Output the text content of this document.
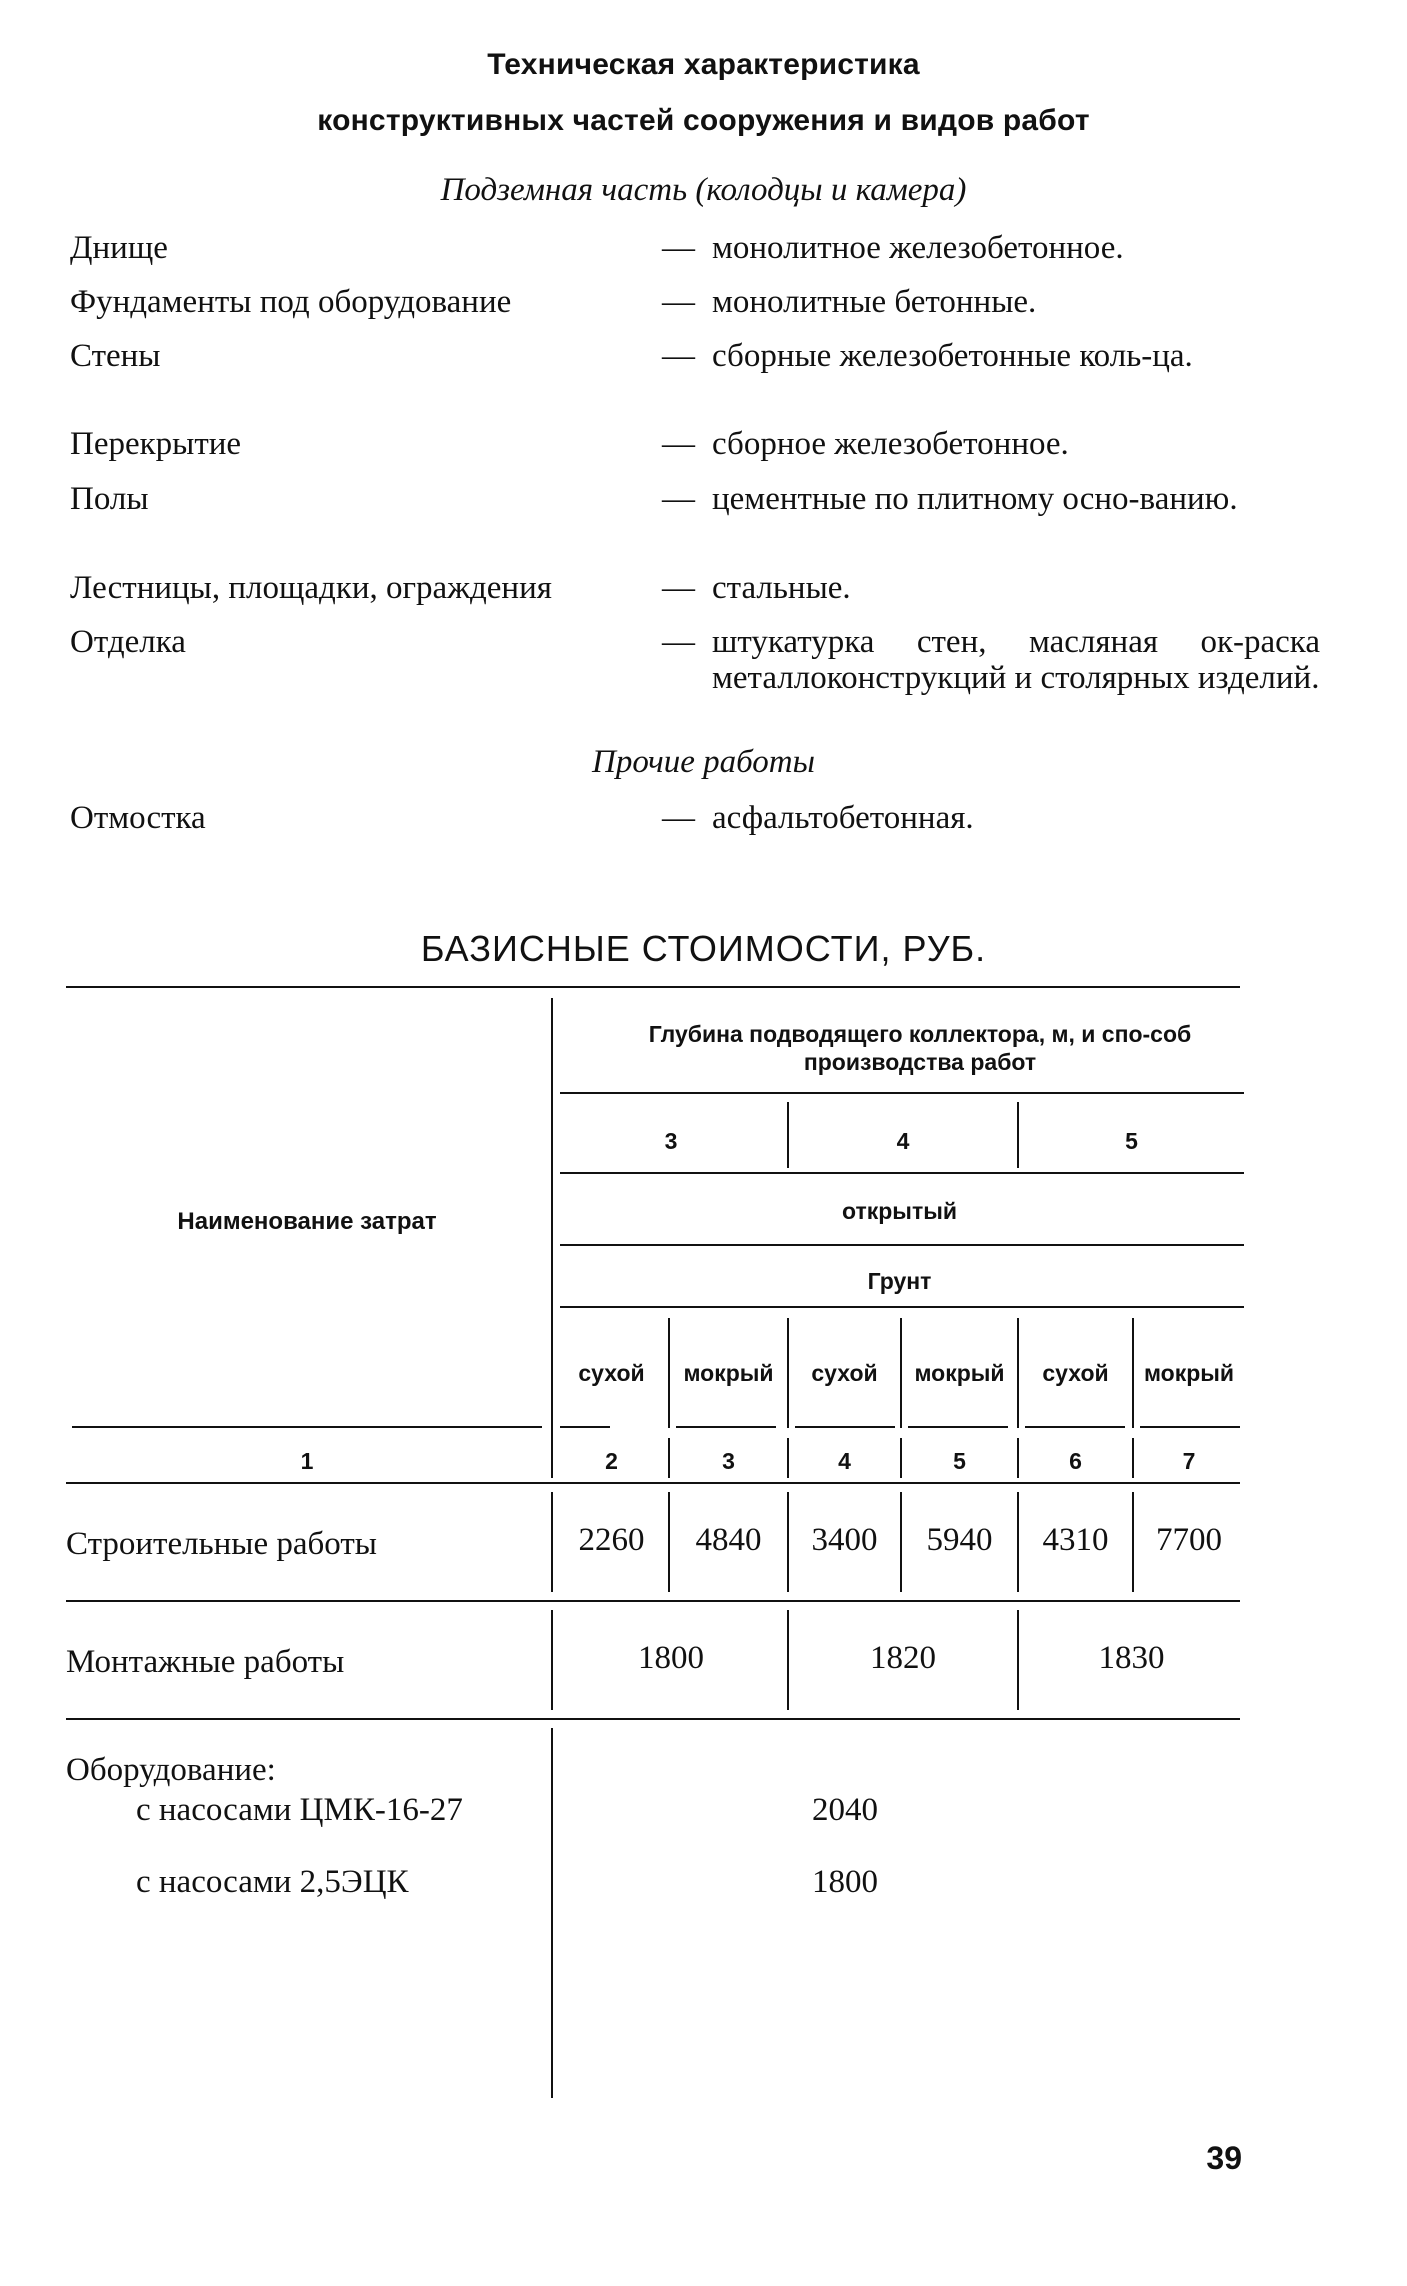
Техническая характеристика
конструктивных частей сооружения и видов работ
Подземная часть (колодцы и камера)
Днище	— монолитное железобетонное.
Фундаменты под оборудование	— монолитные бетонные.
Стены	— сборные железобетонные коль-ца.
Перекрытие	— сборное железобетонное.
Полы	— цементные по плитному осно-ванию.
Лестницы, площадки, ограждения	— стальные.
Отделка	— штукатурка стен, масляная ок-раска металлоконструкций и столярных изделий.
Прочие работы
Отмостка	— асфальтобетонная.
БАЗИСНЫЕ СТОИМОСТИ, РУБ.
Наименование затрат
Глубина подводящего коллектора, м, и спо-соб производства работ
3	4	5
открытый
Грунт
сухой	мокрый	сухой	мокрый	сухой	мокрый
1	2	3	4	5	6	7
Строительные работы	2260	4840	3400	5940	4310	7700
Монтажные работы	1800	1820	1830
Оборудование:
с насосами ЦМК-16-27	2040
с насосами 2,5ЭЦК	1800
39
